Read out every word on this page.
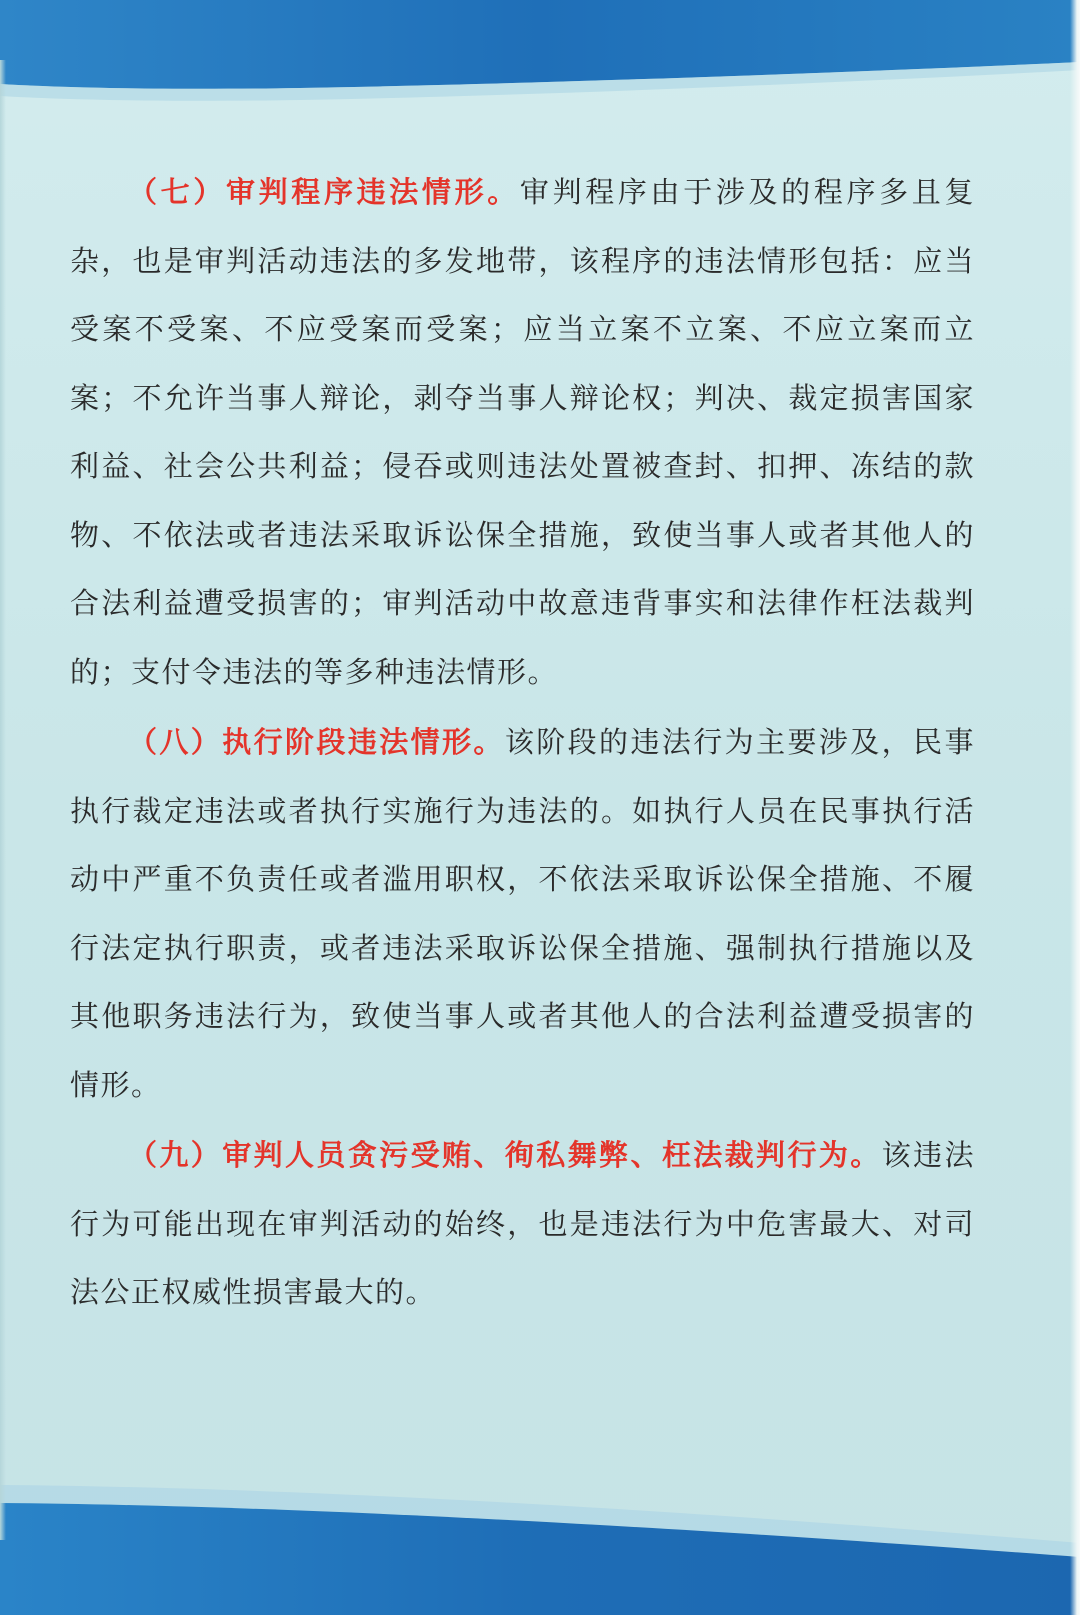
（七）审判程序违法情形。审判程序由于涉及的程序多且复杂，也是审判活动违法的多发地带，该程序的违法情形包括：应当受案不受案、不应受案而受案；应当立案不立案、不应立案而立案；不允许当事人辩论，剥夺当事人辩论权；判决、裁定损害国家利益、社会公共利益；侵吞或则违法处置被查封、扣押、冻结的款物、不依法或者违法采取诉讼保全措施，致使当事人或者其他人的合法利益遭受损害的；审判活动中故意违背事实和法律作枉法裁判的；支付令违法的等多种违法情形。

（八）执行阶段违法情形。该阶段的违法行为主要涉及，民事执行裁定违法或者执行实施行为违法的。如执行人员在民事执行活动中严重不负责任或者滥用职权，不依法采取诉讼保全措施、不履行法定执行职责，或者违法采取诉讼保全措施、强制执行措施以及其他职务违法行为，致使当事人或者其他人的合法利益遭受损害的情形。

（九）审判人员贪污受贿、徇私舞弊、枉法裁判行为。该违法行为可能出现在审判活动的始终，也是违法行为中危害最大、对司法公正权威性损害最大的。
